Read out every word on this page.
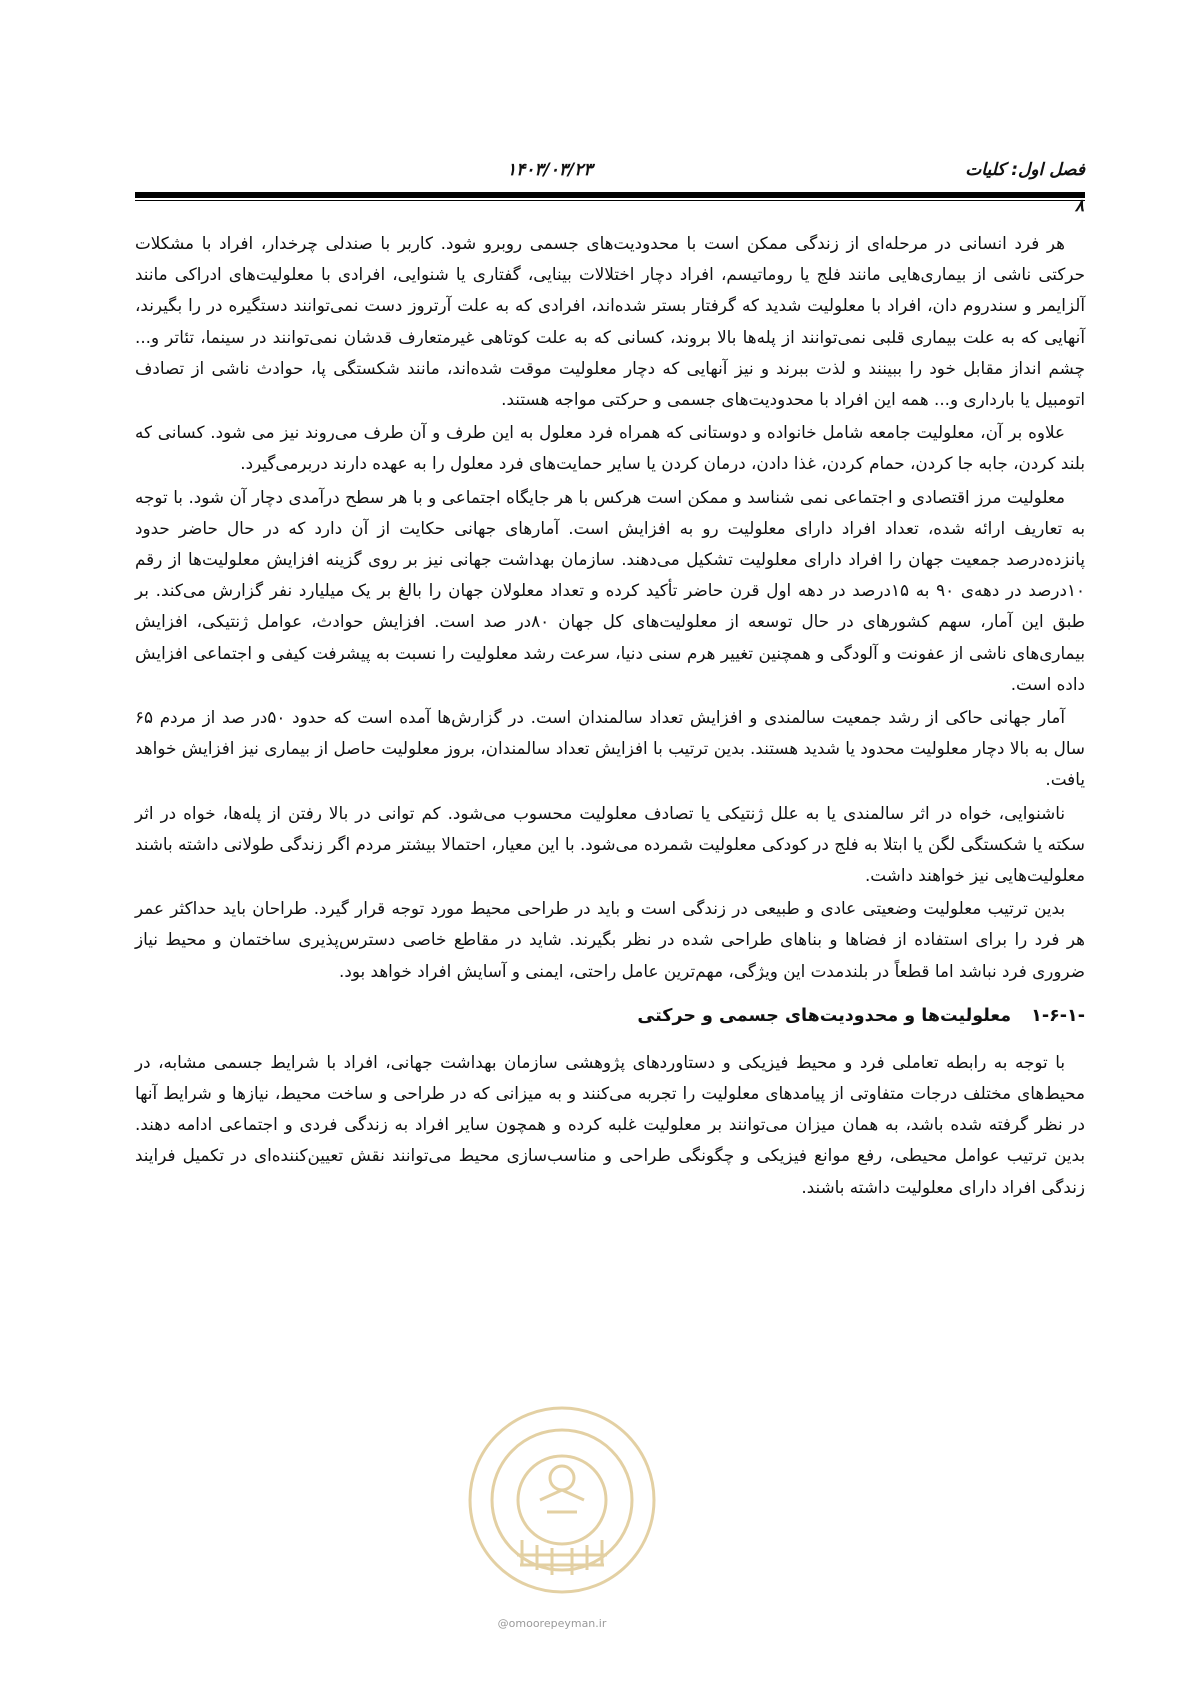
فصل اول: کلیات
۱۴۰۳/۰۳/۲۳
۸

هر فرد انسانی در مرحله‌ای از زندگی ممکن است با محدودیت‌های جسمی روبرو شود. کاربر با صندلی چرخدار، افراد با مشکلات حرکتی ناشی از بیماری‌هایی مانند فلج یا روماتیسم، افراد دچار اختلالات بینایی، گفتاری یا شنوایی، افرادی با معلولیت‌های ادراکی مانند آلزایمر و سندروم دان، افراد با معلولیت شدید که گرفتار بستر شده‌اند، افرادی که به علت آرتروز دست نمی‌توانند دستگیره در را بگیرند، آنهایی که به علت بیماری قلبی نمی‌توانند از پله‌ها بالا بروند، کسانی که به علت کوتاهی غیرمتعارف قدشان نمی‌توانند در سینما، تئاتر و... چشم انداز مقابل خود را ببینند و لذت ببرند و نیز آنهایی که دچار معلولیت موقت شده‌اند، مانند شکستگی پا، حوادث ناشی از تصادف اتومبیل یا بارداری و... همه این افراد با محدودیت‌های جسمی و حرکتی مواجه هستند.

علاوه بر آن، معلولیت جامعه شامل خانواده و دوستانی که همراه فرد معلول به این طرف و آن طرف می‌روند نیز می شود. کسانی که بلند کردن، جابه جا کردن، حمام کردن، غذا دادن، درمان کردن یا سایر حمایت‌های فرد معلول را به عهده دارند دربرمی‌گیرد.

معلولیت مرز اقتصادی و اجتماعی نمی شناسد و ممکن است هرکس با هر جایگاه اجتماعی و با هر سطح درآمدی دچار آن شود. با توجه به تعاریف ارائه شده، تعداد افراد دارای معلولیت رو به افزایش است. آمارهای جهانی حکایت از آن دارد که در حال حاضر حدود پانزده‌درصد جمعیت جهان را افراد دارای معلولیت تشکیل می‌دهند. سازمان بهداشت جهانی نیز بر روی گزینه افزایش معلولیت‌ها از رقم ۱۰درصد در دهه‌ی ۹۰ به ۱۵درصد در دهه اول قرن حاضر تأکید کرده و تعداد معلولان جهان را بالغ بر یک میلیارد نفر گزارش می‌کند. بر طبق این آمار، سهم کشورهای در حال توسعه از معلولیت‌های کل جهان ۸۰در صد است. افزایش حوادث، عوامل ژنتیکی، افزایش بیماری‌های ناشی از عفونت و آلودگی و همچنین تغییر هرم سنی دنیا، سرعت رشد معلولیت را نسبت به پیشرفت کیفی و اجتماعی افزایش داده است.

آمار جهانی حاکی از رشد جمعیت سالمندی و افزایش تعداد سالمندان است. در گزارش‌ها آمده است که حدود ۵۰در صد از مردم ۶۵ سال به بالا دچار معلولیت محدود یا شدید هستند. بدین ترتیب با افزایش تعداد سالمندان، بروز معلولیت حاصل از بیماری نیز افزایش خواهد یافت.

ناشنوایی، خواه در اثر سالمندی یا به علل ژنتیکی یا تصادف معلولیت محسوب می‌شود. کم توانی در بالا رفتن از پله‌ها، خواه در اثر سکته یا شکستگی لگن یا ابتلا به فلج در کودکی معلولیت شمرده می‌شود. با این معیار، احتمالا بیشتر مردم اگر زندگی طولانی داشته باشند معلولیت‌هایی نیز خواهند داشت.

بدین ترتیب معلولیت وضعیتی عادی و طبیعی در زندگی است و باید در طراحی محیط مورد توجه قرار گیرد. طراحان باید حداکثر عمر هر فرد را برای استفاده از فضاها و بناهای طراحی شده در نظر بگیرند. شاید در مقاطع خاصی دسترس‌پذیری ساختمان و محیط نیاز ضروری فرد نباشد اما قطعاً در بلندمدت این ویژگی، مهم‌ترین عامل راحتی، ایمنی و آسایش افراد خواهد بود.

۱-۶-۱- معلولیت‌ها و محدودیت‌های جسمی و حرکتی

با توجه به رابطه تعاملی فرد و محیط فیزیکی و دستاوردهای پژوهشی سازمان بهداشت جهانی، افراد با شرایط جسمی مشابه، در محیط‌های مختلف درجات متفاوتی از پیامدهای معلولیت را تجربه می‌کنند و به میزانی که در طراحی و ساخت محیط، نیازها و شرایط آنها در نظر گرفته شده باشد، به همان میزان می‌توانند بر معلولیت غلبه کرده و همچون سایر افراد به زندگی فردی و اجتماعی ادامه دهند. بدین ترتیب عوامل محیطی، رفع موانع فیزیکی و چگونگی طراحی و مناسب‌سازی محیط می‌توانند نقش تعیین‌کننده‌ای در تکمیل فرایند زندگی افراد دارای معلولیت داشته باشند.

@omoorepeyman.ir
